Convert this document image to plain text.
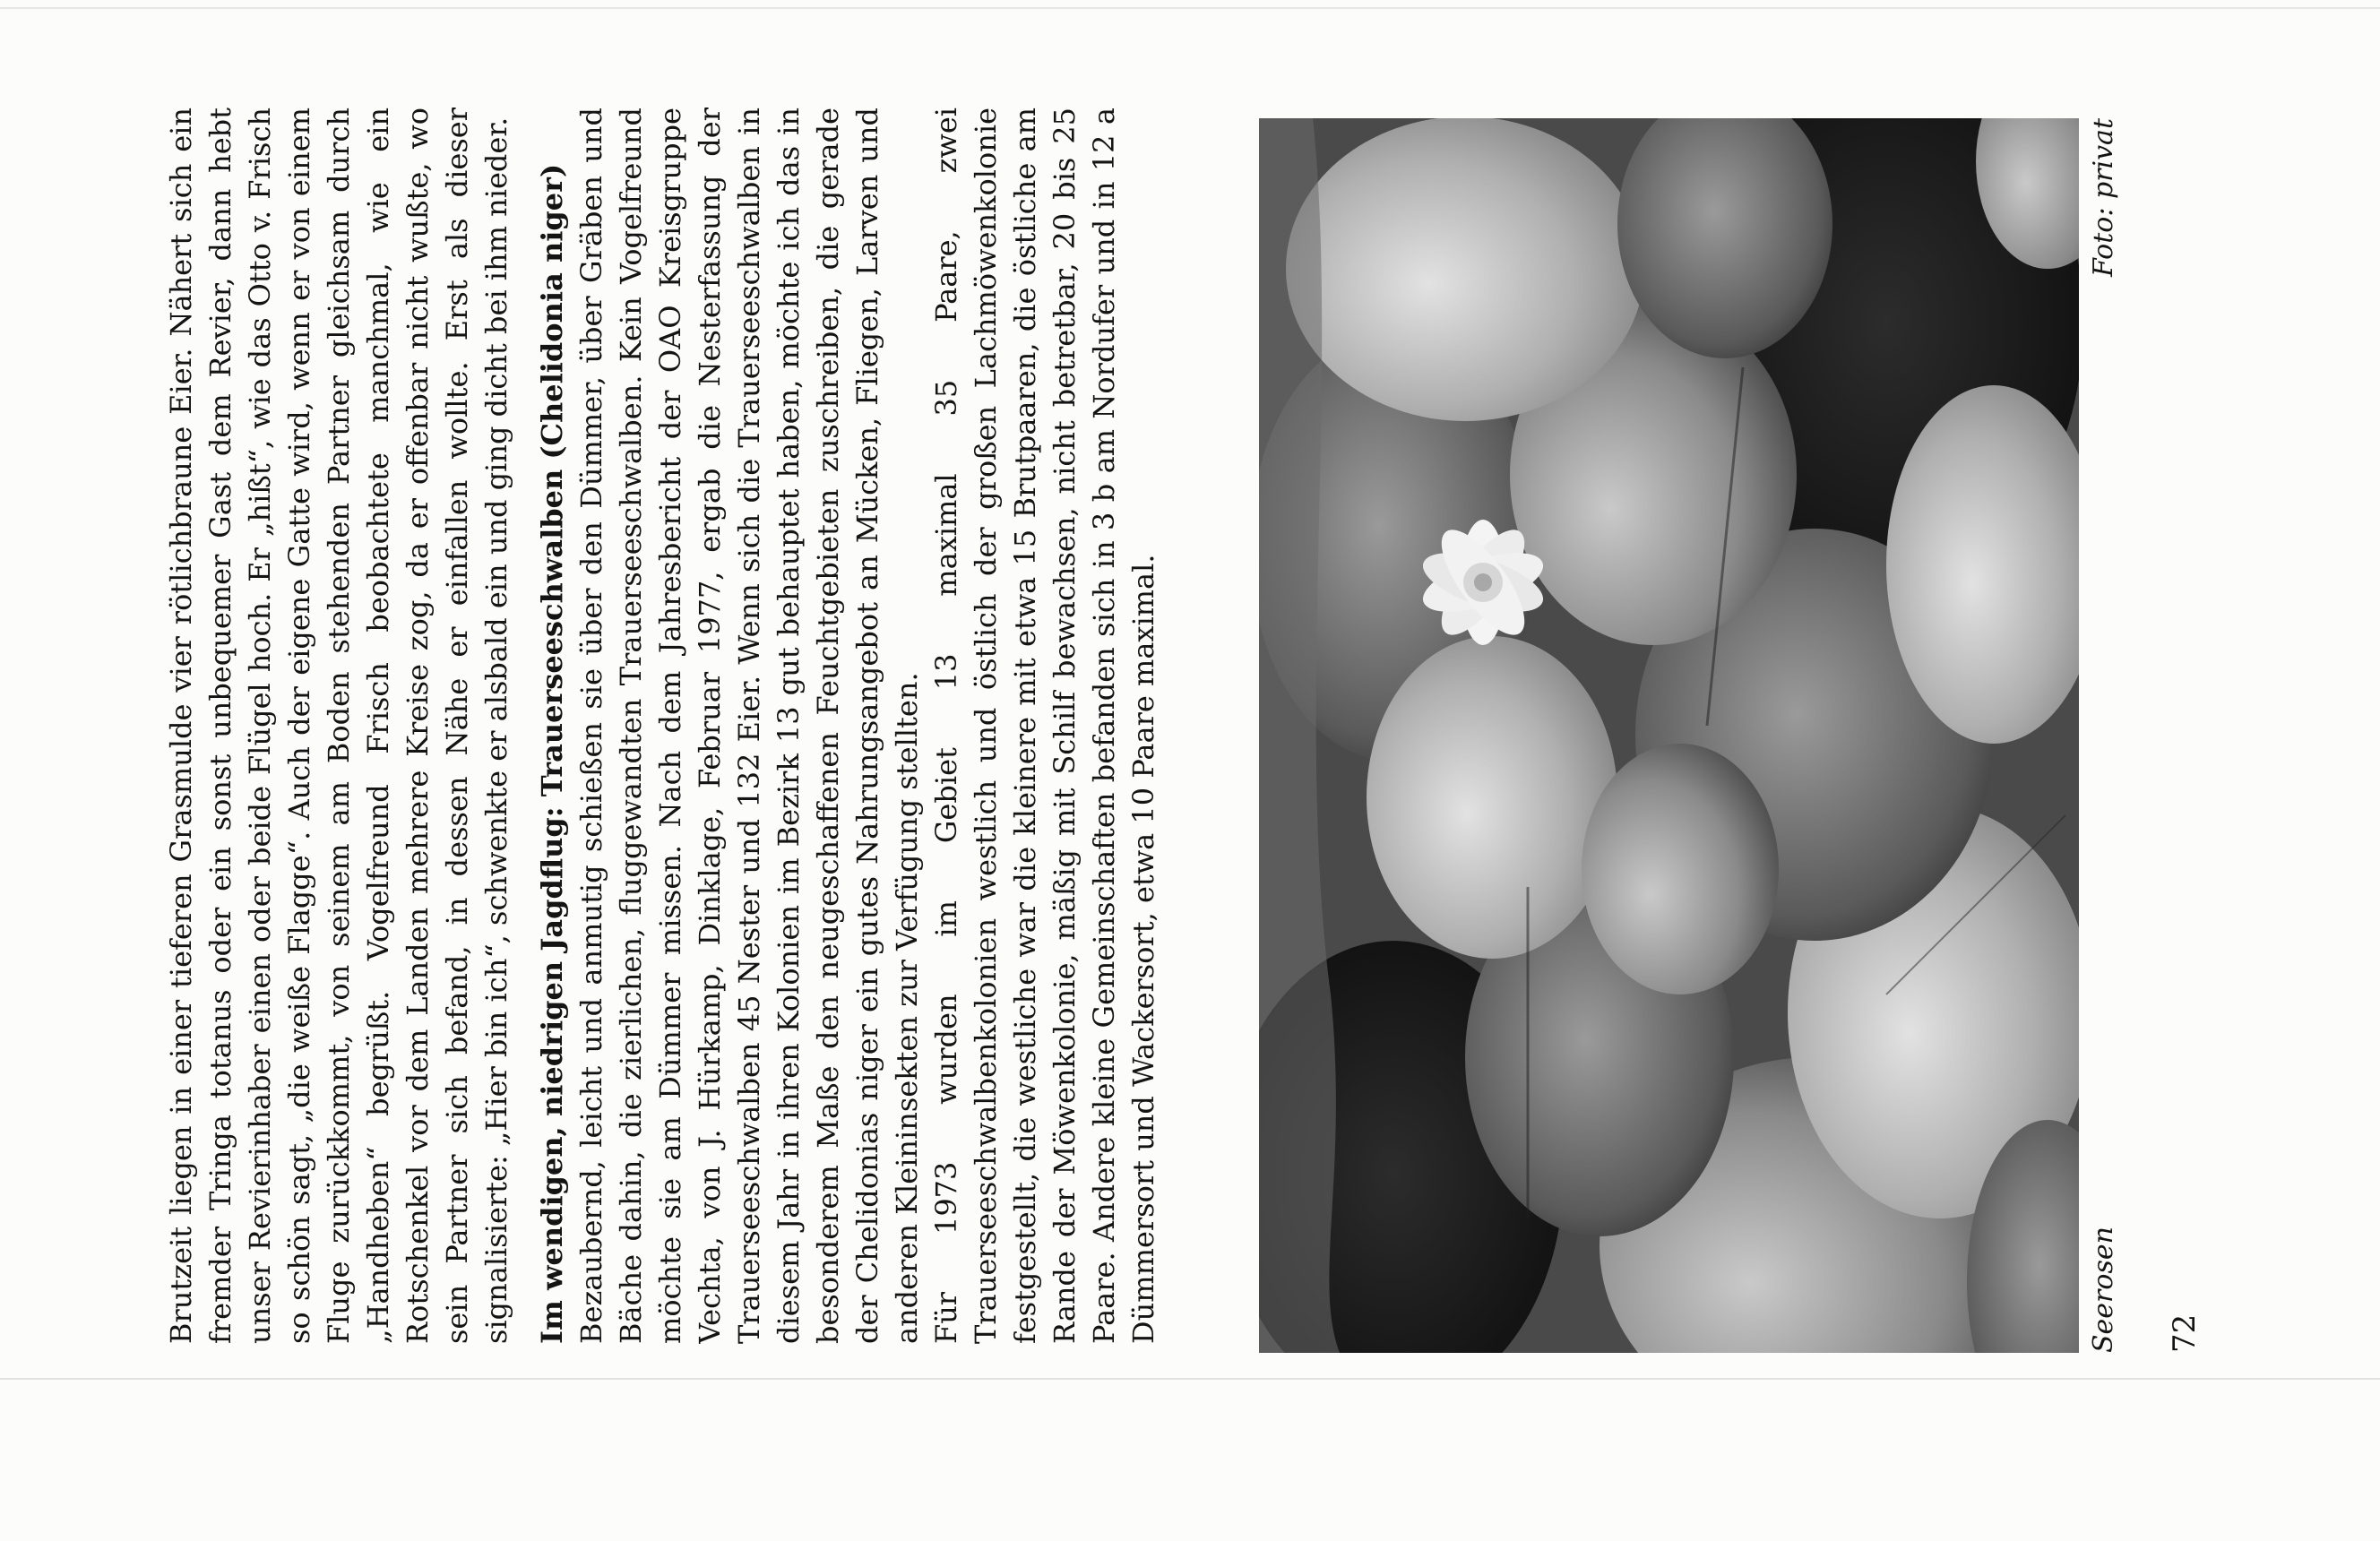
Brutzeit liegen in einer tieferen Grasmulde vier rötlichbraune Eier. Nähert sich ein fremder Tringa totanus oder ein sonst unbequemer Gast dem Revier, dann hebt unser Revierinhaber einen oder beide Flügel hoch. Er „hißt“, wie das Otto v. Frisch so schön sagt, „die weiße Flagge“. Auch der eigene Gatte wird, wenn er von einem Fluge zurückkommt, von seinem am Boden stehenden Partner gleichsam durch „Handheben“ begrüßt. Vogelfreund Frisch beobachtete manchmal, wie ein Rotschenkel vor dem Landen mehrere Kreise zog, da er offenbar nicht wußte, wo sein Partner sich befand, in dessen Nähe er einfallen wollte. Erst als dieser signalisierte: „Hier bin ich“, schwenkte er alsbald ein und ging dicht bei ihm nieder. Im wendigen, niedrigen Jagdflug: Trauerseeschwalben (Chelidonia niger) Bezaubernd, leicht und anmutig schießen sie über den Dümmer, über Gräben und Bäche dahin, die zierlichen, fluggewandten Trauerseeschwalben. Kein Vogelfreund möchte sie am Dümmer missen. Nach dem Jahresbericht der OAO Kreisgruppe Vechta, von J. Hürkamp, Dinklage, Februar 1977, ergab die Nesterfassung der Trauerseeschwalben 45 Nester und 132 Eier. Wenn sich die Trauerseeschwalben in diesem Jahr in ihren Kolonien im Bezirk 13 gut behauptet haben, möchte ich das in besonderem Maße den neugeschaffenen Feuchtgebieten zuschreiben, die gerade der Chelidonias niger ein gutes Nahrungsangebot an Mücken, Fliegen, Larven und anderen Kleininsekten zur Verfügung stellten. Für 1973 wurden im Gebiet 13 maximal 35 Paare, zwei Trauerseeschwalbenkolonien westlich und östlich der großen Lachmöwenkolonie festgestellt, die westliche war die kleinere mit etwa 15 Brutpaaren, die östliche am Rande der Möwenkolonie, mäßig mit Schilf bewachsen, nicht betretbar, 20 bis 25 Paare. Andere kleine Gemeinschaften befanden sich in 3 b am Nordufer und in 12 a Dümmersort und Wackersort, etwa 10 Paare maximal.	Seerosen
Foto: privat
72
